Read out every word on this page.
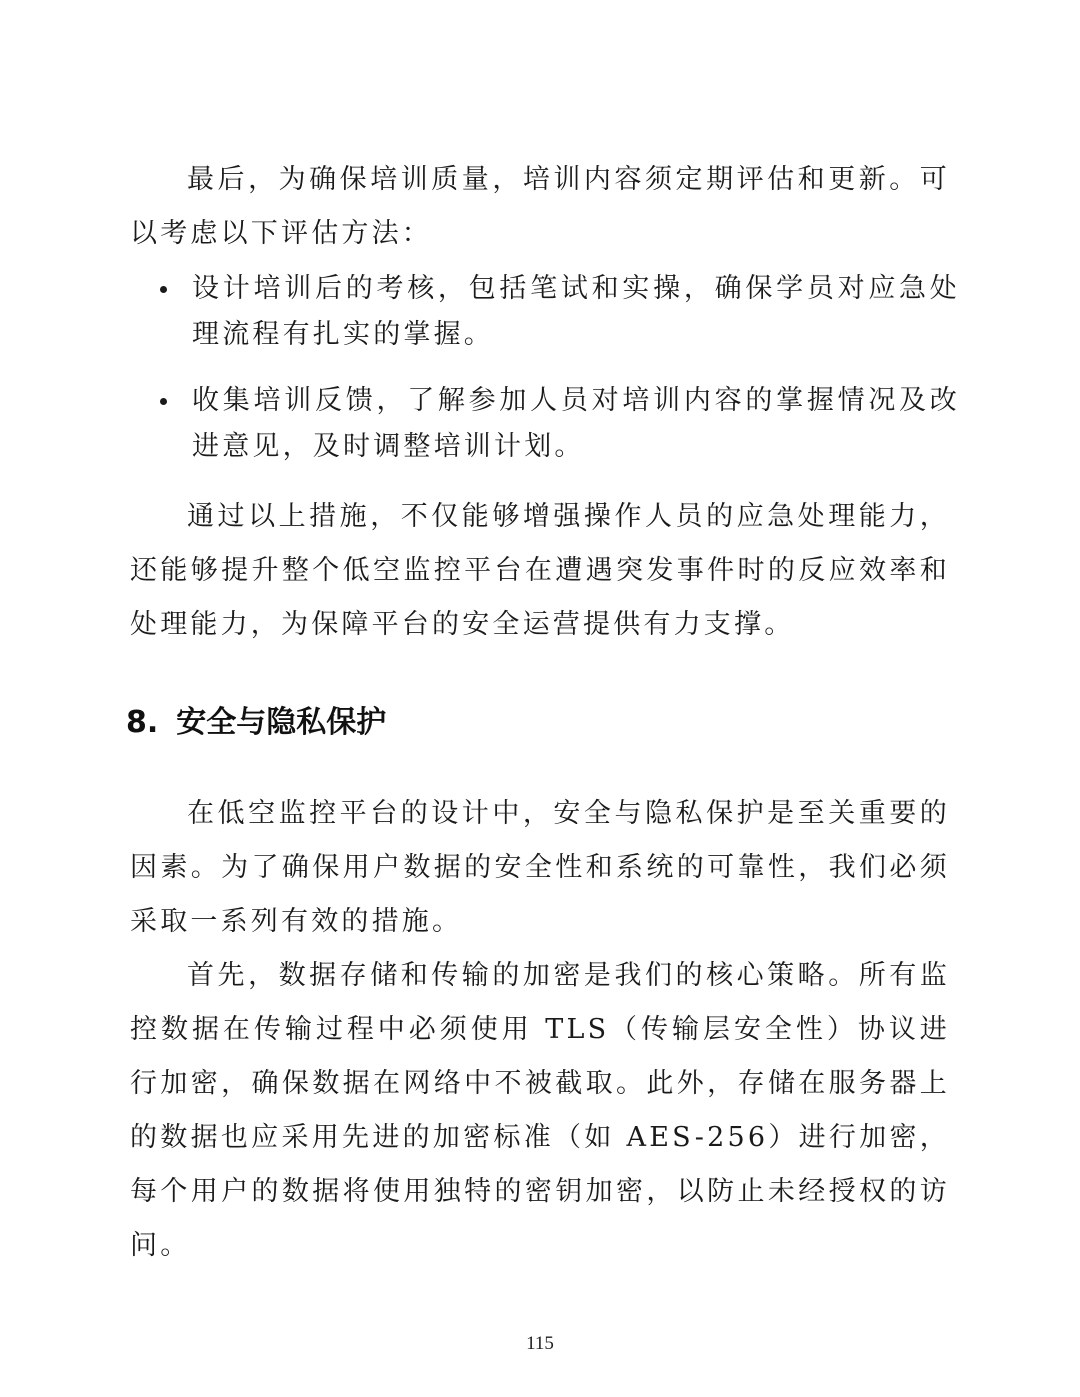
最后，为确保培训质量，培训内容须定期评估和更新。可以考虑以下评估方法：

设计培训后的考核，包括笔试和实操，确保学员对应急处理流程有扎实的掌握。
收集培训反馈，了解参加人员对培训内容的掌握情况及改进意见，及时调整培训计划。

通过以上措施，不仅能够增强操作人员的应急处理能力，还能够提升整个低空监控平台在遭遇突发事件时的反应效率和处理能力，为保障平台的安全运营提供有力支撑。

8. 安全与隐私保护

在低空监控平台的设计中，安全与隐私保护是至关重要的因素。为了确保用户数据的安全性和系统的可靠性，我们必须采取一系列有效的措施。

首先，数据存储和传输的加密是我们的核心策略。所有监控数据在传输过程中必须使用 TLS（传输层安全性）协议进行加密，确保数据在网络中不被截取。此外，存储在服务器上的数据也应采用先进的加密标准（如 AES-256）进行加密，每个用户的数据将使用独特的密钥加密，以防止未经授权的访问。

115
